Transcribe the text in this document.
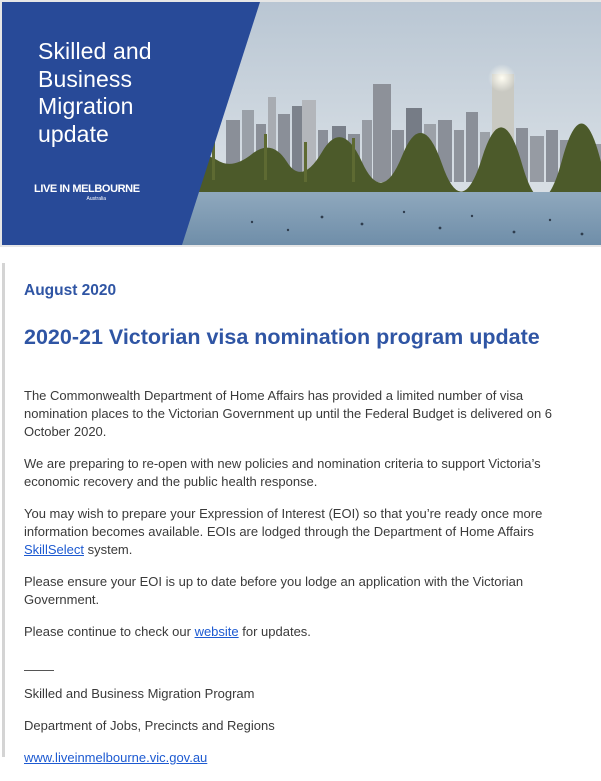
Skilled and
Business
Migration
update
LIVE IN MELBOURNE
Australia

August 2020

2020-21 Victorian visa nomination program update

The Commonwealth Department of Home Affairs has provided a limited number of visa nomination places to the Victorian Government up until the Federal Budget is delivered on 6 October 2020.

We are preparing to re-open with new policies and nomination criteria to support Victoria’s economic recovery and the public health response.

You may wish to prepare your Expression of Interest (EOI) so that you’re ready once more information becomes available. EOIs are lodged through the Department of Home Affairs SkillSelect system.

Please ensure your EOI is up to date before you lodge an application with the Victorian Government.

Please continue to check our website for updates.

Skilled and Business Migration Program

Department of Jobs, Precincts and Regions

www.liveinmelbourne.vic.gov.au
